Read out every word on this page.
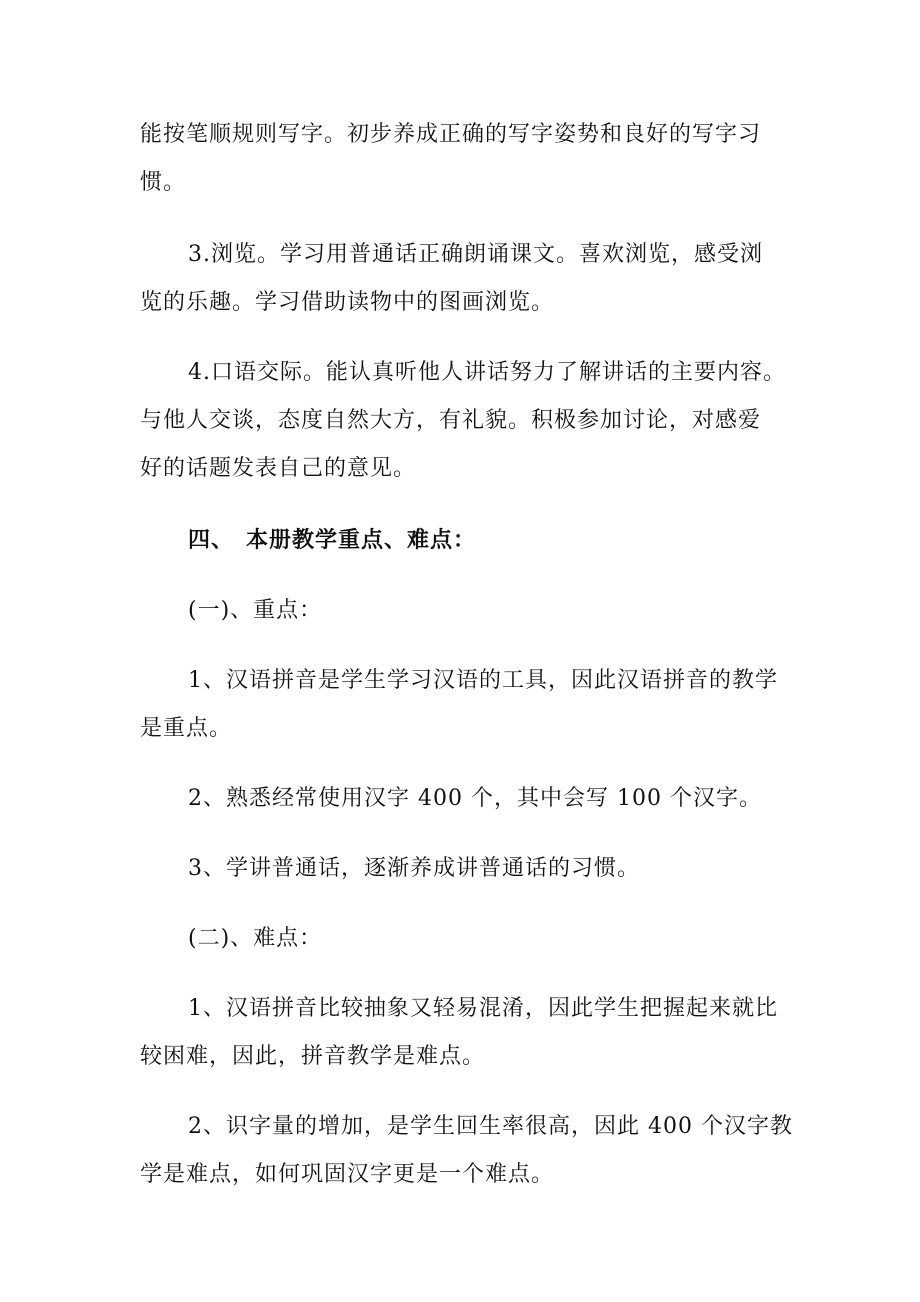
能按笔顺规则写字。初步养成正确的写字姿势和良好的写字习
惯。
3.浏览。学习用普通话正确朗诵课文。喜欢浏览，感受浏
览的乐趣。学习借助读物中的图画浏览。
4.口语交际。能认真听他人讲话努力了解讲话的主要内容。
与他人交谈，态度自然大方，有礼貌。积极参加讨论，对感爱
好的话题发表自己的意见。
四、　本册教学重点、难点：
(一)、重点：
1、汉语拼音是学生学习汉语的工具，因此汉语拼音的教学
是重点。
2、熟悉经常使用汉字 400 个，其中会写 100 个汉字。
3、学讲普通话，逐渐养成讲普通话的习惯。
(二)、难点：
1、汉语拼音比较抽象又轻易混淆，因此学生把握起来就比
较困难，因此，拼音教学是难点。
2、识字量的增加，是学生回生率很高，因此 400 个汉字教
学是难点，如何巩固汉字更是一个难点。
